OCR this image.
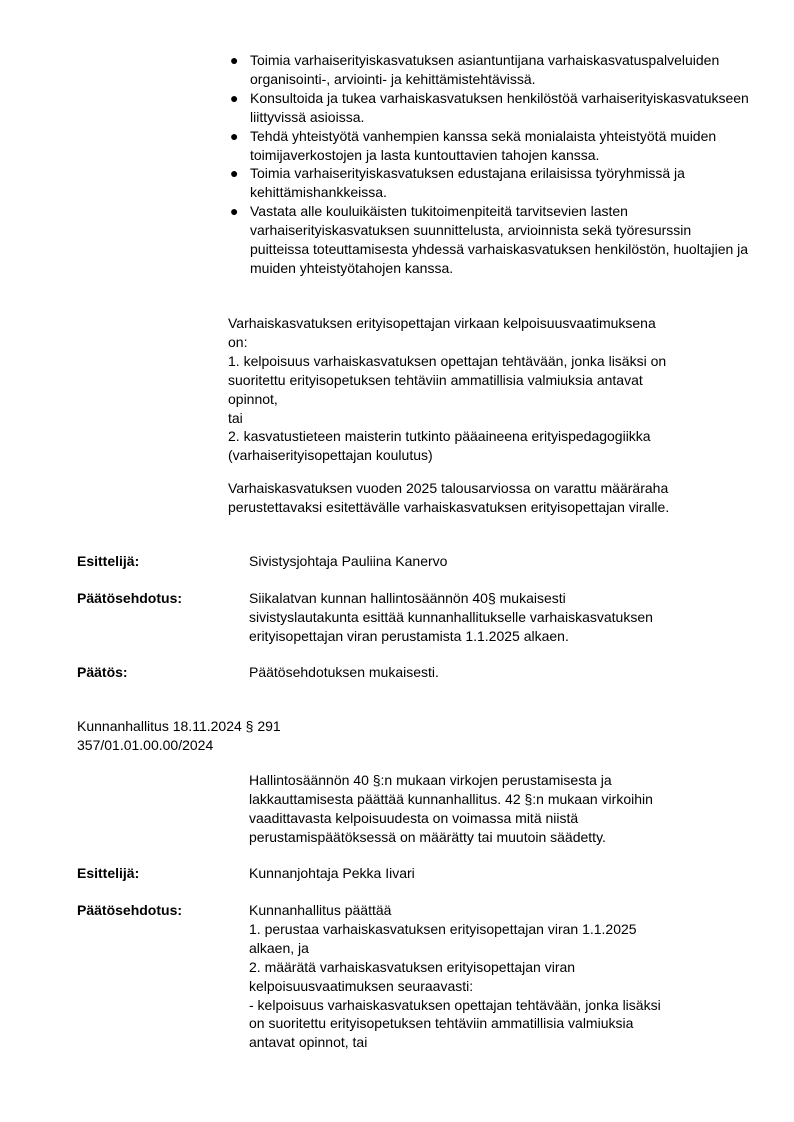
● Toimia varhaiserityiskasvatuksen asiantuntijana varhaiskasvatuspalveluiden organisointi-, arviointi- ja kehittämistehtävissä.
● Konsultoida ja tukea varhaiskasvatuksen henkilöstöä varhaiserityiskasvatukseen liittyvissä asioissa.
● Tehdä yhteistyötä vanhempien kanssa sekä monialaista yhteistyötä muiden toimijaverkostojen ja lasta kuntouttavien tahojen kanssa.
● Toimia varhaiserityiskasvatuksen edustajana erilaisissa työryhmissä ja kehittämishankkeissa.
● Vastata alle kouluikäisten tukitoimenpiteitä tarvitsevien lasten varhaiserityiskasvatuksen suunnittelusta, arvioinnista sekä työresurssin puitteissa toteuttamisesta yhdessä varhaiskasvatuksen henkilöstön, huoltajien ja muiden yhteistyötahojen kanssa.

Varhaiskasvatuksen erityisopettajan virkaan kelpoisuusvaatimuksena
on:
1. kelpoisuus varhaiskasvatuksen opettajan tehtävään, jonka lisäksi on
suoritettu erityisopetuksen tehtäviin ammatillisia valmiuksia antavat
opinnot,
tai
2. kasvatustieteen maisterin tutkinto pääaineena erityispedagogiikka
(varhaiserityisopettajan koulutus)

Varhaiskasvatuksen vuoden 2025 talousarviossa on varattu määräraha
perustettavaksi esitettävälle varhaiskasvatuksen erityisopettajan viralle.

Esittelijä:	Sivistysjohtaja Pauliina Kanervo

Päätösehdotus:	Siikalatvan kunnan hallintosäännön 40§ mukaisesti
sivistyslautakunta esittää kunnanhallitukselle varhaiskasvatuksen
erityisopettajan viran perustamista 1.1.2025 alkaen.

Päätös:	Päätösehdotuksen mukaisesti.

Kunnanhallitus 18.11.2024 § 291
357/01.01.00.00/2024

Hallintosäännön 40 §:n mukaan virkojen perustamisesta ja
lakkauttamisesta päättää kunnanhallitus. 42 §:n mukaan virkoihin
vaadittavasta kelpoisuudesta on voimassa mitä niistä
perustamispäätöksessä on määrätty tai muutoin säädetty.

Esittelijä:	Kunnanjohtaja Pekka Iivari

Päätösehdotus:	Kunnanhallitus päättää
1. perustaa varhaiskasvatuksen erityisopettajan viran 1.1.2025
alkaen, ja
2. määrätä varhaiskasvatuksen erityisopettajan viran
kelpoisuusvaatimuksen seuraavasti:
- kelpoisuus varhaiskasvatuksen opettajan tehtävään, jonka lisäksi
on suoritettu erityisopetuksen tehtäviin ammatillisia valmiuksia
antavat opinnot, tai
